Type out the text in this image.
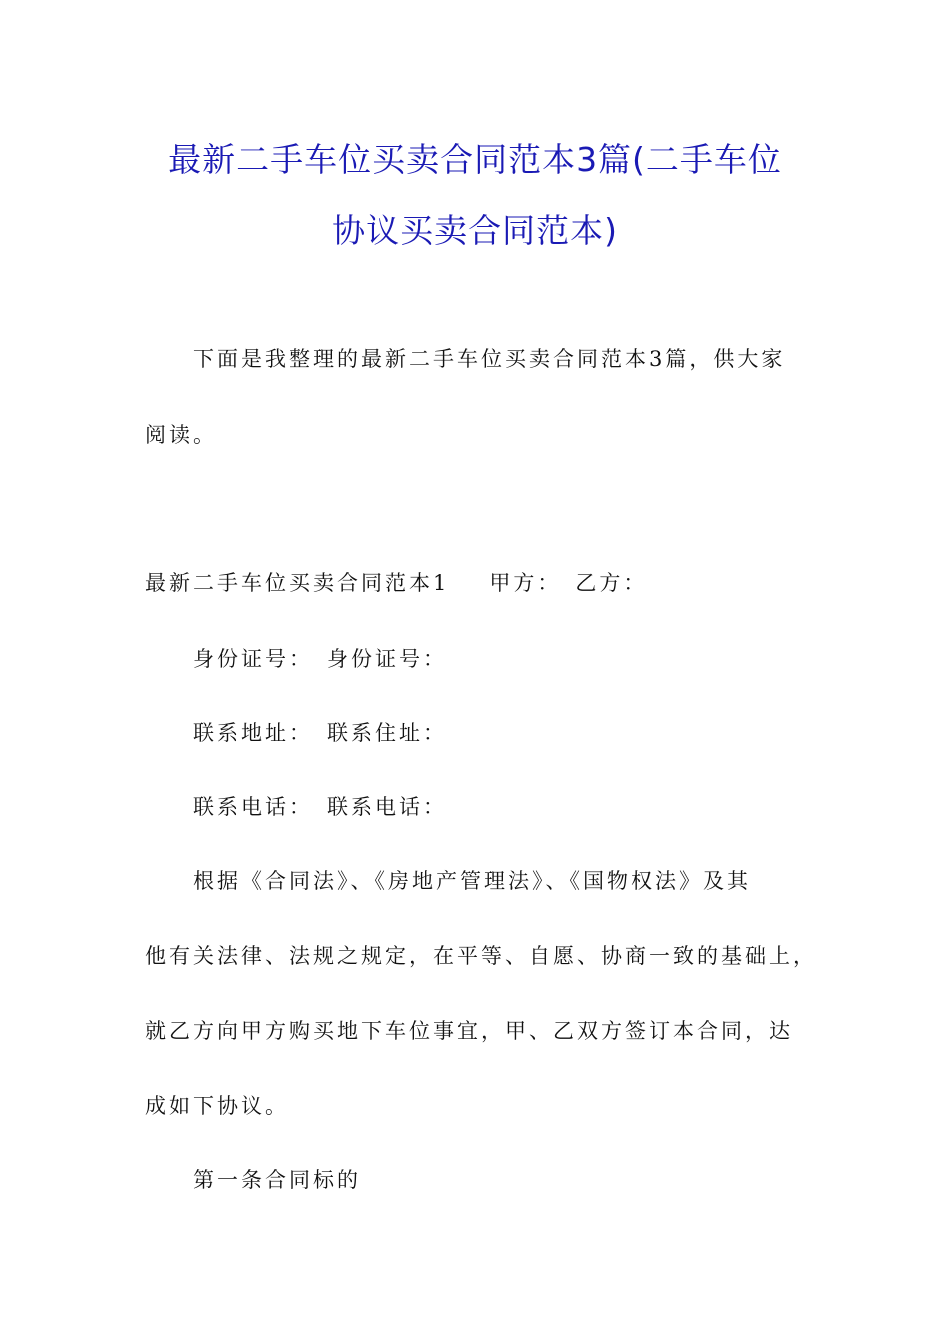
最新二手车位买卖合同范本3篇(二手车位
协议买卖合同范本)
下面是我整理的最新二手车位买卖合同范本3篇，供大家
阅读。
最新二手车位买卖合同范本1 甲方： 乙方：
身份证号： 身份证号：
联系地址： 联系住址：
联系电话： 联系电话：
根据《合同法》、《房地产管理法》、《国物权法》及其
他有关法律、法规之规定，在平等、自愿、协商一致的基础上，
就乙方向甲方购买地下车位事宜，甲、乙双方签订本合同，达
成如下协议。
第一条合同标的
